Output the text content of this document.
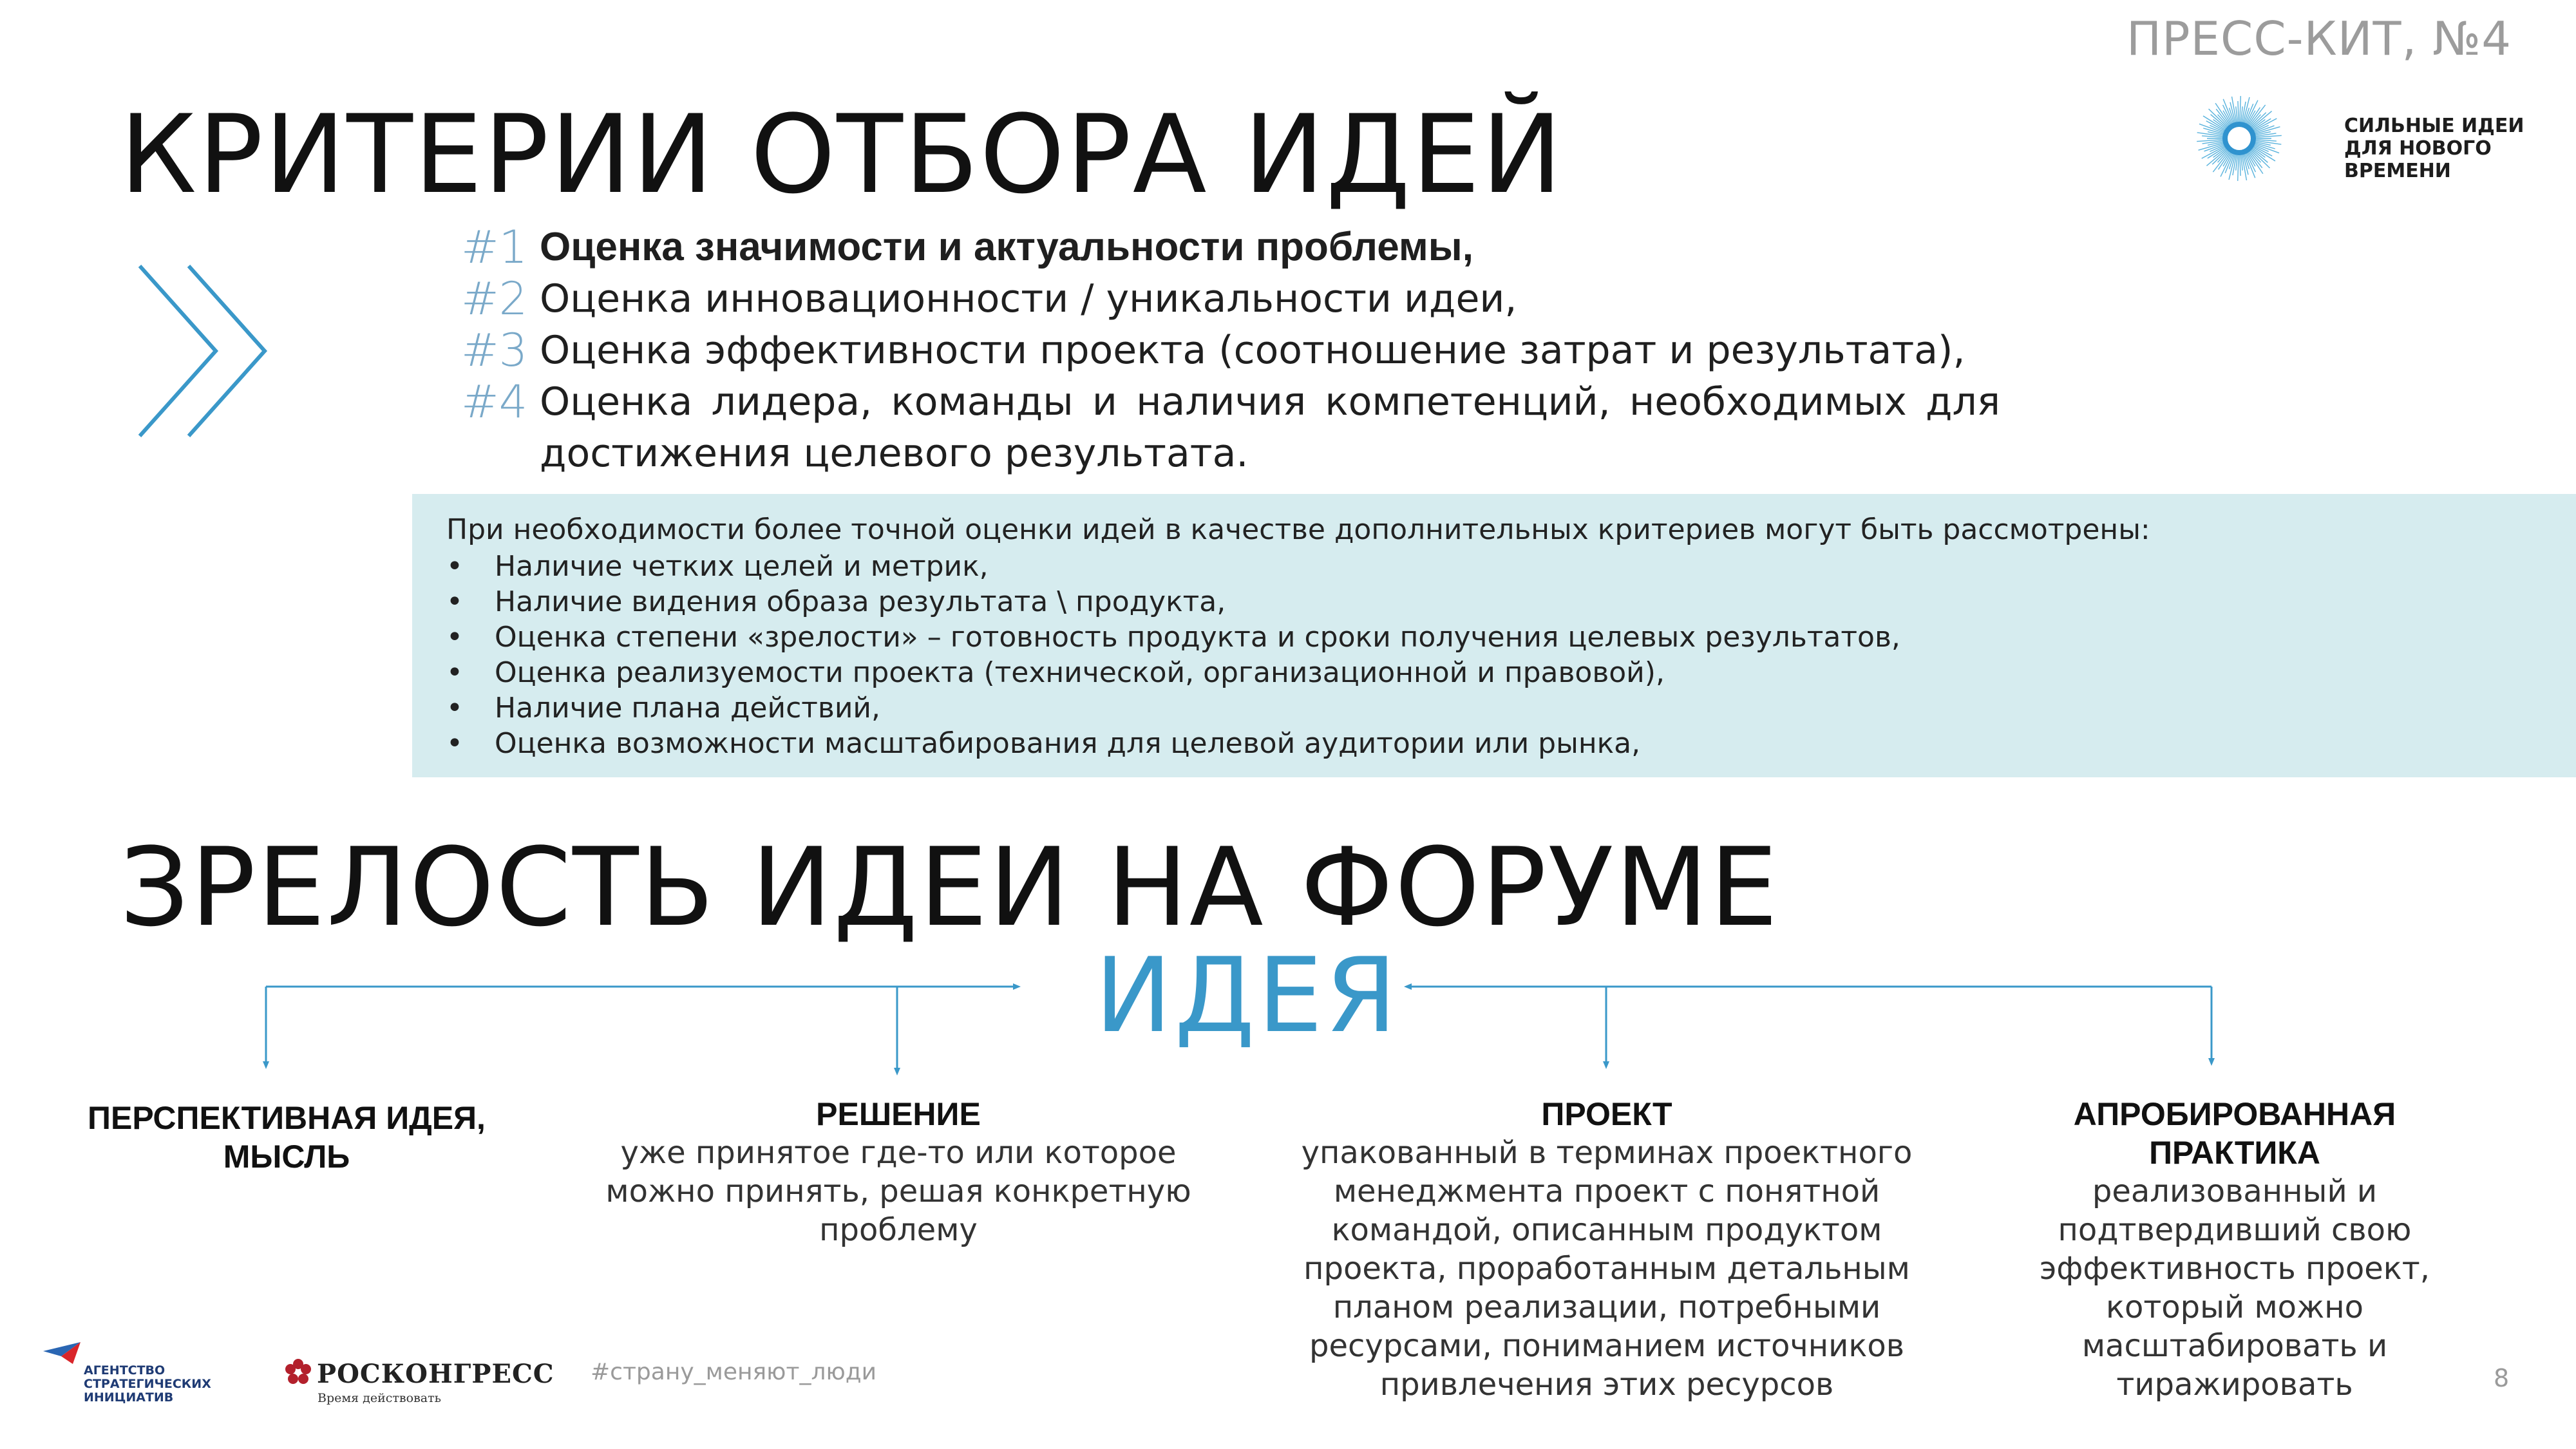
ПРЕСС-КИТ, №4
КРИТЕРИИ ОТБОРА ИДЕЙ	СИЛЬНЫЕ ИДЕИ ДЛЯ НОВОГО ВРЕМЕНИ
#1 Оценка значимости и актуальности проблемы,
#2 Оценка инновационности / уникальности идеи,
#3 Оценка эффективности проекта (соотношение затрат и результата),
#4 Оценка лидера, команды и наличия компетенций, необходимых для достижения целевого результата.
При необходимости более точной оценки идей в качестве дополнительных критериев могут быть рассмотрены:
• Наличие четких целей и метрик,
• Наличие видения образа результата \ продукта,
• Оценка степени «зрелости» – готовность продукта и сроки получения целевых результатов,
• Оценка реализуемости проекта (технической, организационной и правовой),
• Наличие плана действий,
• Оценка возможности масштабирования для целевой аудитории или рынка,
ЗРЕЛОСТЬ ИДЕИ НА ФОРУМЕ
ИДЕЯ
ПЕРСПЕКТИВНАЯ ИДЕЯ, МЫСЛЬ
РЕШЕНИЕ
уже принятое где-то или которое можно принять, решая конкретную проблему
ПРОЕКТ
упакованный в терминах проектного менеджмента проект с понятной командой, описанным продуктом проекта, проработанным детальным планом реализации, потребными ресурсами, пониманием источников привлечения этих ресурсов
АПРОБИРОВАННАЯ ПРАКТИКА
реализованный и подтвердивший свою эффективность проект, который можно масштабировать и тиражировать
АГЕНТСТВО
СТРАТЕГИЧЕСКИХ
ИНИЦИАТИВ
РОСКОНГРЕСС
Время действовать
#страну_меняют_люди	8
